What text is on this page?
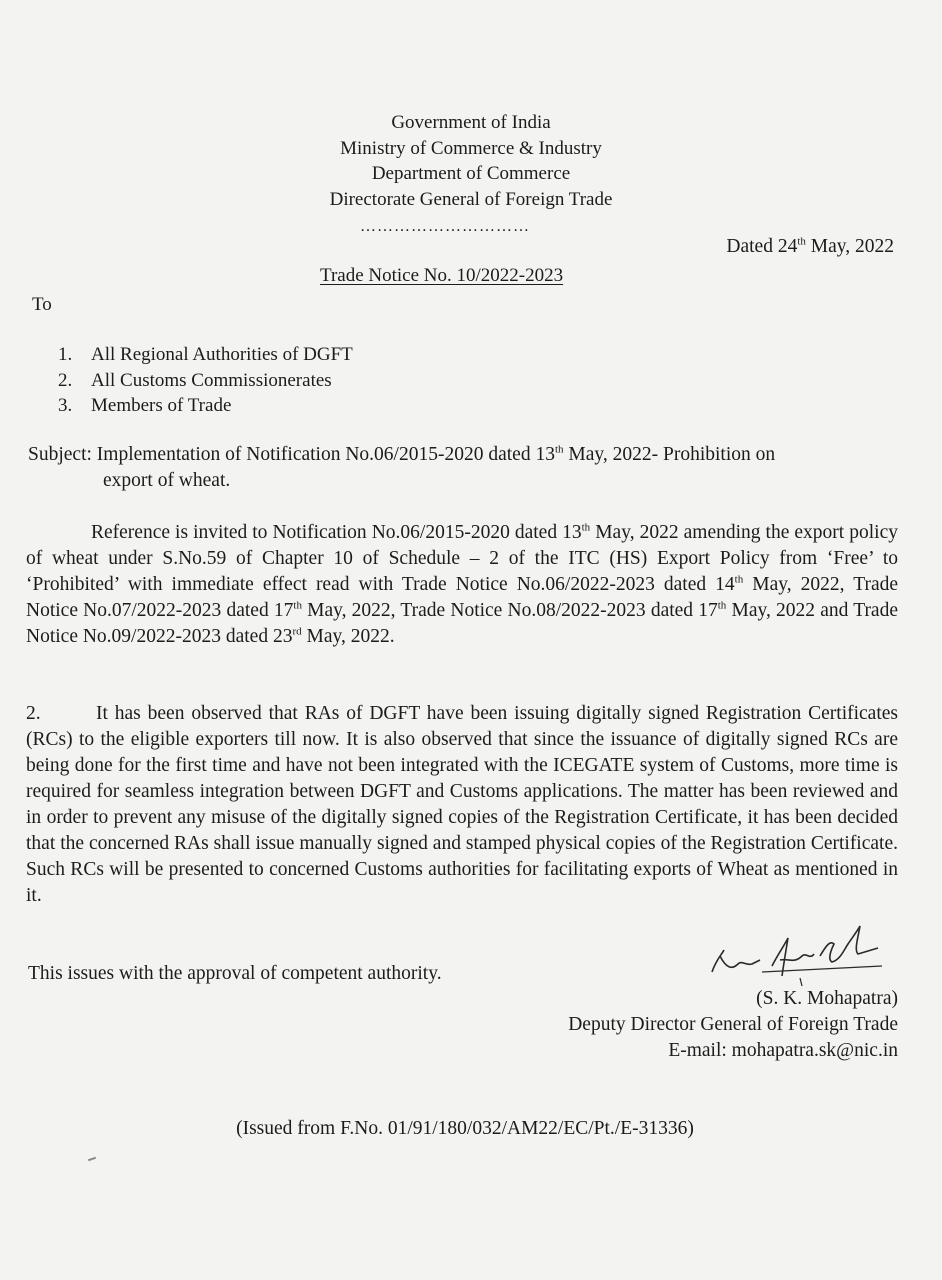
Government of India
Ministry of Commerce & Industry
Department of Commerce
Directorate General of Foreign Trade
…………………………
Dated 24th May, 2022
Trade Notice No. 10/2022-2023
To
1. All Regional Authorities of DGFT
2. All Customs Commissionerates
3. Members of Trade
Subject: Implementation of Notification No.06/2015-2020 dated 13th May, 2022- Prohibition on
export of wheat.
Reference is invited to Notification No.06/2015-2020 dated 13th May, 2022 amending the export policy of wheat under S.No.59 of Chapter 10 of Schedule – 2 of the ITC (HS) Export Policy from ‘Free’ to ‘Prohibited’ with immediate effect read with Trade Notice No.06/2022-2023 dated 14th May, 2022, Trade Notice No.07/2022-2023 dated 17th May, 2022, Trade Notice No.08/2022-2023 dated 17th May, 2022 and Trade Notice No.09/2022-2023 dated 23rd May, 2022.
2.	It has been observed that RAs of DGFT have been issuing digitally signed Registration Certificates (RCs) to the eligible exporters till now. It is also observed that since the issuance of digitally signed RCs are being done for the first time and have not been integrated with the ICEGATE system of Customs, more time is required for seamless integration between DGFT and Customs applications. The matter has been reviewed and in order to prevent any misuse of the digitally signed copies of the Registration Certificate, it has been decided that the concerned RAs shall issue manually signed and stamped physical copies of the Registration Certificate. Such RCs will be presented to concerned Customs authorities for facilitating exports of Wheat as mentioned in it.
This issues with the approval of competent authority.
(S. K. Mohapatra)
Deputy Director General of Foreign Trade
E-mail: mohapatra.sk@nic.in
(Issued from F.No. 01/91/180/032/AM22/EC/Pt./E-31336)
